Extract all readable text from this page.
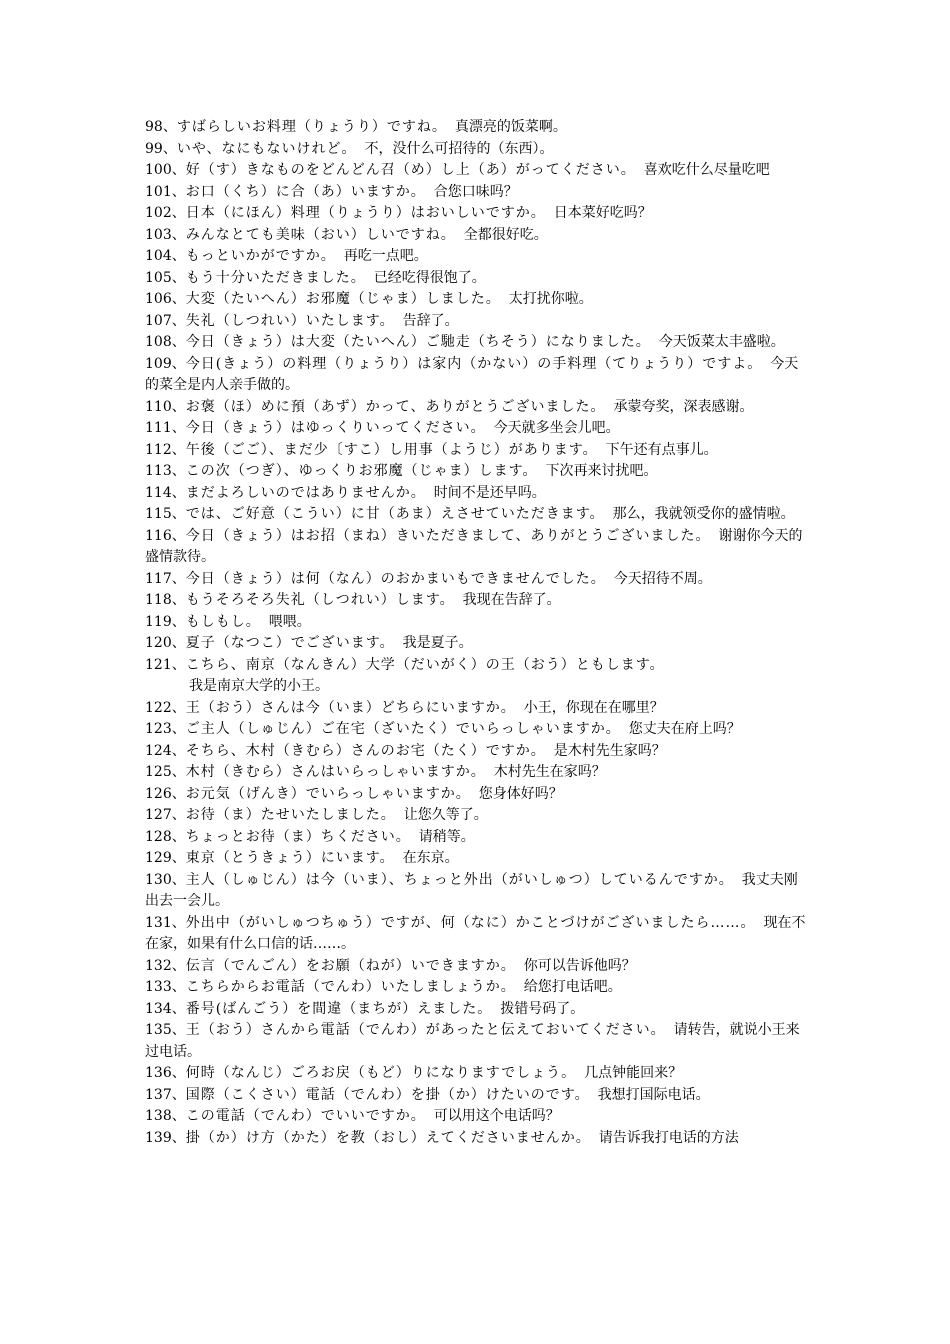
98、すばらしいお料理（りょうり）ですね。 真漂亮的饭菜啊。

99、いや、なにもないけれど。 不，没什么可招待的（东西）。

100、好（す）きなものをどんどん召（め）し上（あ）がってください。 喜欢吃什么尽量吃吧

101、お口（くち）に合（あ）いますか。 合您口味吗？

102、日本（にほん）料理（りょうり）はおいしいですか。 日本菜好吃吗？

103、みんなとても美味（おい）しいですね。 全都很好吃。

104、もっといかがですか。 再吃一点吧。

105、もう十分いただきました。 已经吃得很饱了。

106、大変（たいへん）お邪魔（じゃま）しました。 太打扰你啦。

107、失礼（しつれい）いたします。 告辞了。

108、今日（きょう）は大変（たいへん）ご馳走（ちそう）になりました。 今天饭菜太丰盛啦。

109、今日(きょう）の料理（りょうり）は家内（かない）の手料理（てりょうり）ですよ。 今天的菜全是内人亲手做的。

110、お褒（ほ）めに預（あず）かって、ありがとうございました。 承蒙夸奖，深表感谢。

111、今日（きょう）はゆっくりいってください。 今天就多坐会儿吧。

112、午後（ごご）、まだ少〔すこ）し用事（ようじ）があります。 下午还有点事儿。

113、この次（つぎ）、ゆっくりお邪魔（じゃま）します。 下次再来讨扰吧。

114、まだよろしいのではありませんか。 时间不是还早吗。

115、では、ご好意（こうい）に甘（あま）えさせていただきます。 那么，我就领受你的盛情啦。

116、今日（きょう）はお招（まね）きいただきまして、ありがとうございました。 谢谢你今天的盛情款待。

117、今日（きょう）は何（なん）のおかまいもできませんでした。 今天招待不周。

118、もうそろそろ失礼（しつれい）します。 我现在告辞了。

119、もしもし。 喂喂。

120、夏子（なつこ）でございます。 我是夏子。

121、こちら、南京（なんきん）大学（だいがく）の王（おう）ともします。
我是南京大学的小王。

122、王（おう）さんは今（いま）どちらにいますか。 小王，你现在在哪里？

123、ご主人（しゅじん）ご在宅（ざいたく）でいらっしゃいますか。 您丈夫在府上吗？

124、そちら、木村（きむら）さんのお宅（たく）ですか。 是木村先生家吗？

125、木村（きむら）さんはいらっしゃいますか。 木村先生在家吗？

126、お元気（げんき）でいらっしゃいますか。 您身体好吗？

127、お待（ま）たせいたしました。 让您久等了。

128、ちょっとお待（ま）ちください。 请稍等。

129、東京（とうきょう）にいます。 在东京。

130、主人（しゅじん）は今（いま）、ちょっと外出（がいしゅつ）しているんですか。 我丈夫刚出去一会儿。

131、外出中（がいしゅつちゅう）ですが、何（なに）かことづけがございましたら……。 现在不在家，如果有什么口信的话……。

132、伝言（でんごん）をお願（ねが）いできますか。 你可以告诉他吗？

133、こちらからお電話（でんわ）いたしましょうか。 给您打电话吧。

134、番号(ばんごう）を間違（まちが）えました。 拨错号码了。

135、王（おう）さんから電話（でんわ）があったと伝えておいてください。 请转告，就说小王来过电话。

136、何時（なんじ）ごろお戻（もど）りになりますでしょう。 几点钟能回来？

137、国際（こくさい）電話（でんわ）を掛（か）けたいのです。 我想打国际电话。

138、この電話（でんわ）でいいですか。 可以用这个电话吗？

139、掛（か）け方（かた）を教（おし）えてくださいませんか。 请告诉我打电话的方法
